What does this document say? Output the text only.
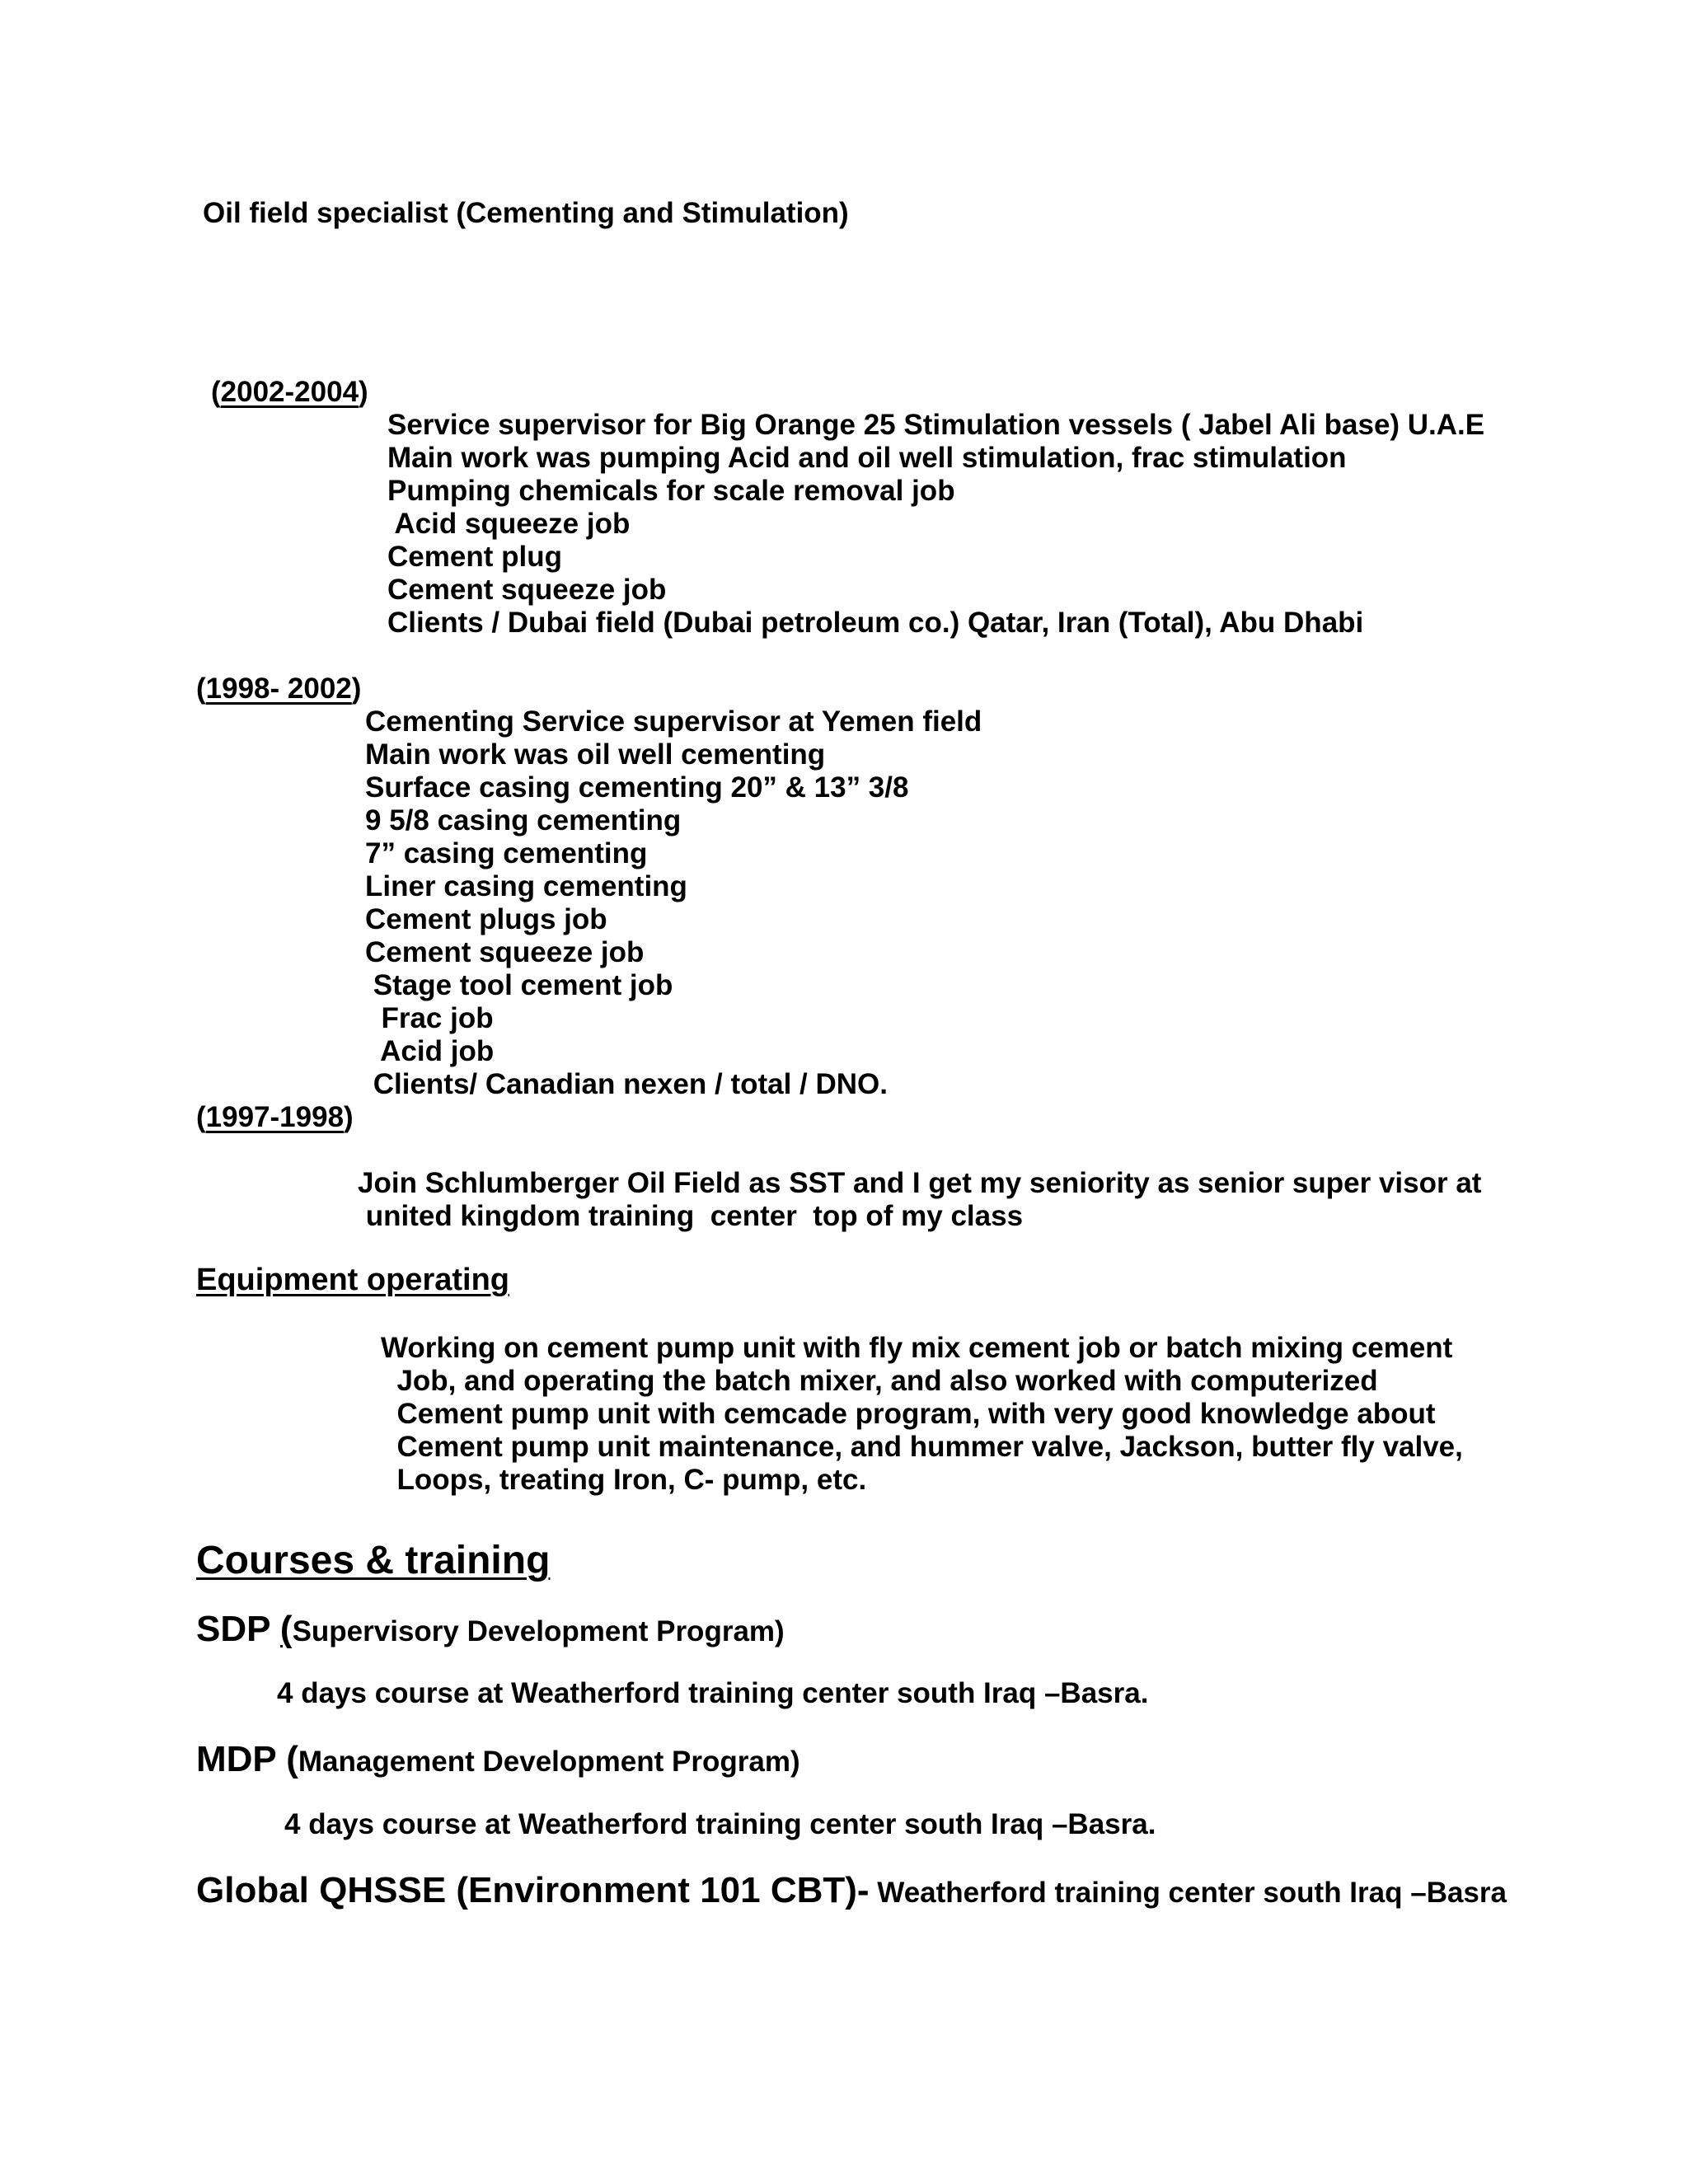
Oil field specialist (Cementing and Stimulation)

(2002-2004)

Service supervisor for Big Orange 25 Stimulation vessels ( Jabel Ali base) U.A.E

Main work was pumping Acid and oil well stimulation, frac stimulation

Pumping chemicals for scale removal job

Acid squeeze job

Cement plug

Cement squeeze job

Clients / Dubai field (Dubai petroleum co.) Qatar, Iran (Total), Abu Dhabi

(1998- 2002)

Cementing Service supervisor at Yemen field

Main work was oil well cementing

Surface casing cementing 20” & 13” 3/8

9 5/8 casing cementing

7” casing cementing

Liner casing cementing

Cement plugs job

Cement squeeze job

Stage tool cement job

Frac job

Acid job

Clients/ Canadian nexen / total / DNO.

(1997-1998)

Join Schlumberger Oil Field as SST and I get my seniority as senior super visor at

united kingdom training  center  top of my class

Equipment operating

Working on cement pump unit with fly mix cement job or batch mixing cement

Job, and operating the batch mixer, and also worked with computerized

Cement pump unit with cemcade program, with very good knowledge about

Cement pump unit maintenance, and hummer valve, Jackson, butter fly valve,

Loops, treating Iron, C- pump, etc.

Courses & training

SDP (Supervisory Development Program)

4 days course at Weatherford training center south Iraq –Basra.

MDP (Management Development Program)

4 days course at Weatherford training center south Iraq –Basra.

Global QHSSE (Environment 101 CBT)- Weatherford training center south Iraq –Basra
